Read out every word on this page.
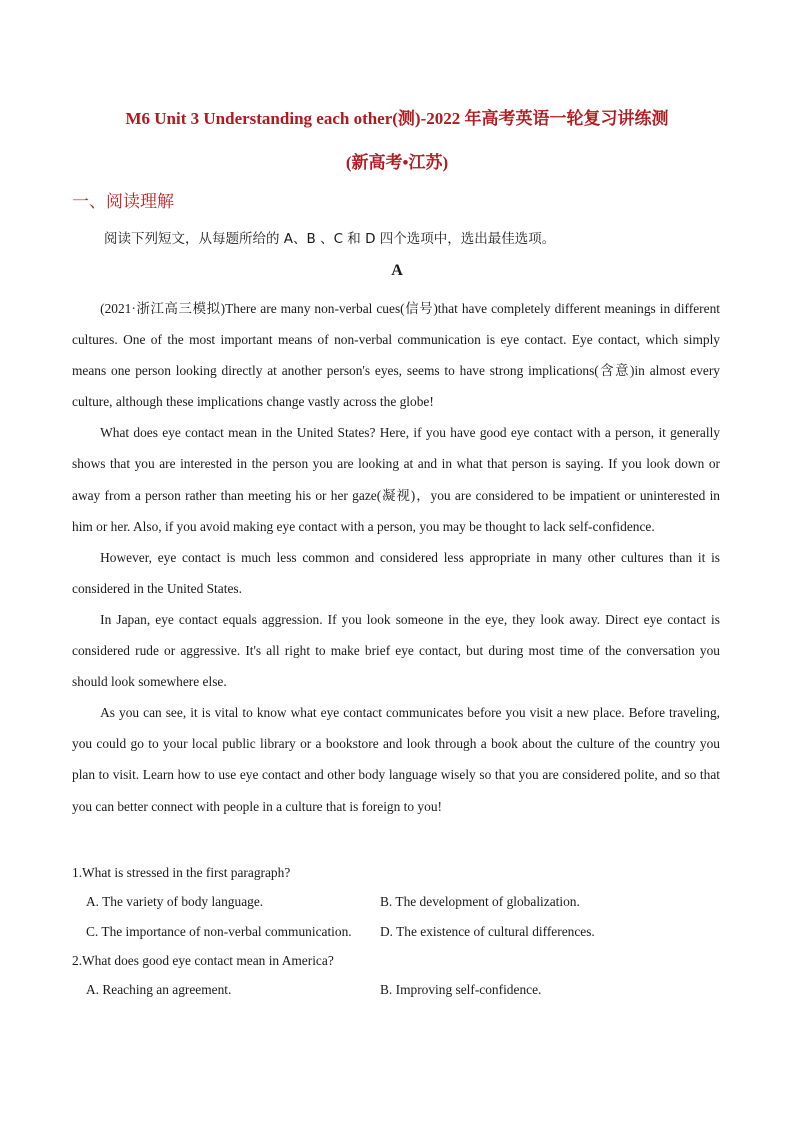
M6 Unit 3 Understanding each other(测)-2022 年高考英语一轮复习讲练测
(新高考•江苏)
一、阅读理解
阅读下列短文，从每题所给的 A、B 、C 和 D 四个选项中，选出最佳选项。
A

(2021·浙江高三模拟)There are many non-verbal cues(信号)that have completely different meanings in different cultures. One of the most important means of non-verbal communication is eye contact. Eye contact, which simply means one person looking directly at another person's eyes, seems to have strong implications(含意)in almost every culture, although these implications change vastly across the globe!

What does eye contact mean in the United States? Here, if you have good eye contact with a person, it generally shows that you are interested in the person you are looking at and in what that person is saying. If you look down or away from a person rather than meeting his or her gaze(凝视)，you are considered to be impatient or uninterested in him or her. Also, if you avoid making eye contact with a person, you may be thought to lack self-confidence.

However, eye contact is much less common and considered less appropriate in many other cultures than it is considered in the United States.

In Japan, eye contact equals aggression. If you look someone in the eye, they look away. Direct eye contact is considered rude or aggressive. It's all right to make brief eye contact, but during most time of the conversation you should look somewhere else.

As you can see, it is vital to know what eye contact communicates before you visit a new place. Before traveling, you could go to your local public library or a bookstore and look through a book about the culture of the country you plan to visit. Learn how to use eye contact and other body language wisely so that you are considered polite, and so that you can better connect with people in a culture that is foreign to you!

1.What is stressed in the first paragraph?
A. The variety of body language.	B. The development of globalization.
C. The importance of non-verbal communication.	D. The existence of cultural differences.
2.What does good eye contact mean in America?
A. Reaching an agreement.	B. Improving self-confidence.
